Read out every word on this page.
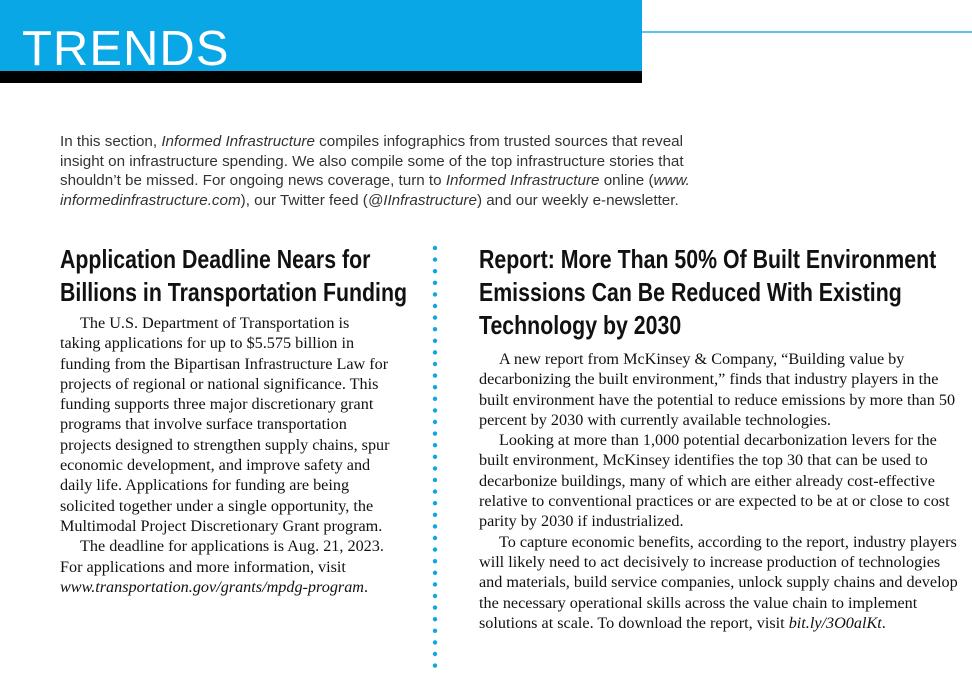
TRENDS
In this section, Informed Infrastructure compiles infographics from trusted sources that reveal insight on infrastructure spending. We also compile some of the top infrastructure stories that shouldn’t be missed. For ongoing news coverage, turn to Informed Infrastructure online (www. informedinfrastructure.com), our Twitter feed (@IInfrastructure) and our weekly e-newsletter.
Application Deadline Nears for
Billions in Transportation Funding

The U.S. Department of Transportation is taking applications for up to $5.575 billion in funding from the Bipartisan Infrastructure Law for projects of regional or national significance. This funding supports three major discretionary grant programs that involve surface transportation projects designed to strengthen supply chains, spur economic development, and improve safety and daily life. Applications for funding are being solicited together under a single opportunity, the Multimodal Project Discretionary Grant program.

The deadline for applications is Aug. 21, 2023. For applications and more information, visit www.transportation.gov/grants/mpdg-program.

Report: More Than 50% Of Built Environment
Emissions Can Be Reduced With Existing
Technology by 2030

A new report from McKinsey & Company, “Building value by decarbonizing the built environment,” finds that industry players in the built environment have the potential to reduce emissions by more than 50 percent by 2030 with currently available technologies.

Looking at more than 1,000 potential decarbonization levers for the built environment, McKinsey identifies the top 30 that can be used to decarbonize buildings, many of which are either already cost-effective relative to conventional practices or are expected to be at or close to cost parity by 2030 if industrialized.

To capture economic benefits, according to the report, industry players will likely need to act decisively to increase production of technologies and materials, build service companies, unlock supply chains and develop the necessary operational skills across the value chain to implement solutions at scale. To download the report, visit bit.ly/3O0alKt.
